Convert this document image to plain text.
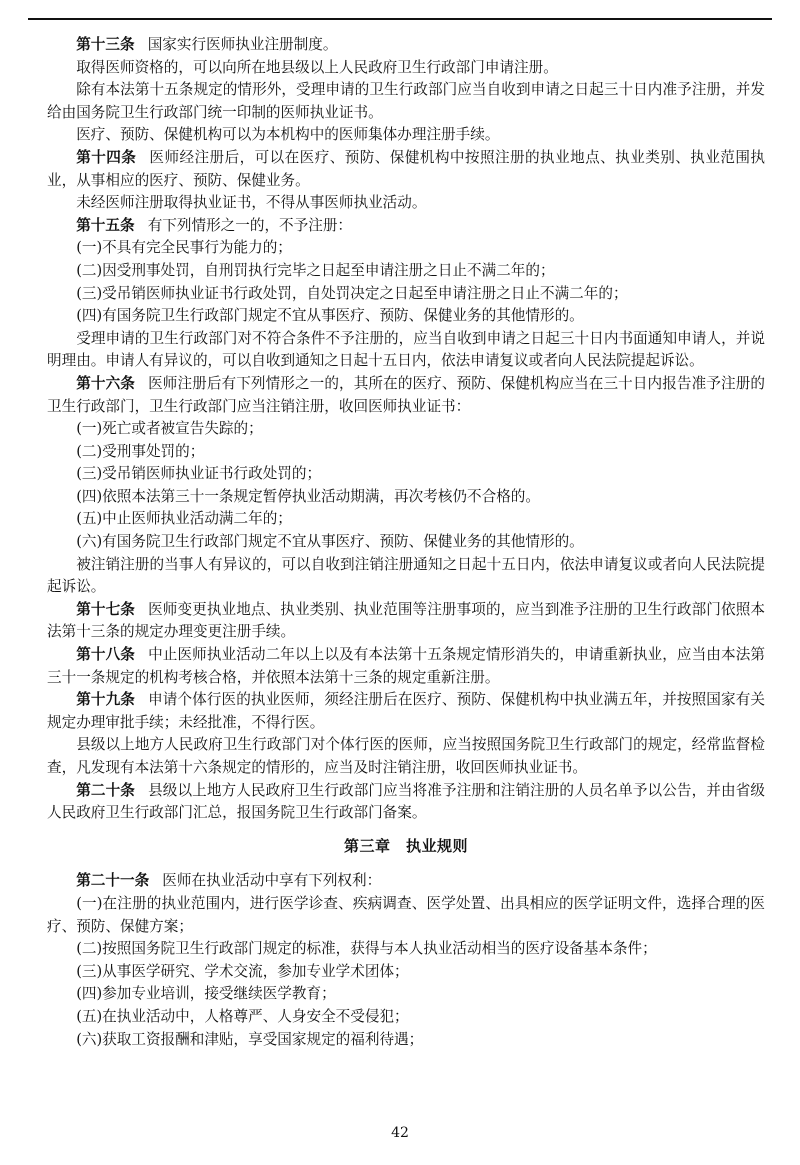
第十三条 国家实行医师执业注册制度。
取得医师资格的，可以向所在地县级以上人民政府卫生行政部门申请注册。
除有本法第十五条规定的情形外，受理申请的卫生行政部门应当自收到申请之日起三十日内准予注册，并发给由国务院卫生行政部门统一印制的医师执业证书。
医疗、预防、保健机构可以为本机构中的医师集体办理注册手续。
第十四条 医师经注册后，可以在医疗、预防、保健机构中按照注册的执业地点、执业类别、执业范围执业，从事相应的医疗、预防、保健业务。
未经医师注册取得执业证书，不得从事医师执业活动。
第十五条 有下列情形之一的，不予注册：
(一)不具有完全民事行为能力的；
(二)因受刑事处罚，自刑罚执行完毕之日起至申请注册之日止不满二年的；
(三)受吊销医师执业证书行政处罚，自处罚决定之日起至申请注册之日止不满二年的；
(四)有国务院卫生行政部门规定不宜从事医疗、预防、保健业务的其他情形的。
受理申请的卫生行政部门对不符合条件不予注册的，应当自收到申请之日起三十日内书面通知申请人，并说明理由。申请人有异议的，可以自收到通知之日起十五日内，依法申请复议或者向人民法院提起诉讼。
第十六条 医师注册后有下列情形之一的，其所在的医疗、预防、保健机构应当在三十日内报告准予注册的卫生行政部门，卫生行政部门应当注销注册，收回医师执业证书：
(一)死亡或者被宣告失踪的；
(二)受刑事处罚的；
(三)受吊销医师执业证书行政处罚的；
(四)依照本法第三十一条规定暂停执业活动期满，再次考核仍不合格的。
(五)中止医师执业活动满二年的；
(六)有国务院卫生行政部门规定不宜从事医疗、预防、保健业务的其他情形的。
被注销注册的当事人有异议的，可以自收到注销注册通知之日起十五日内，依法申请复议或者向人民法院提起诉讼。
第十七条 医师变更执业地点、执业类别、执业范围等注册事项的，应当到准予注册的卫生行政部门依照本法第十三条的规定办理变更注册手续。
第十八条 中止医师执业活动二年以上以及有本法第十五条规定情形消失的，申请重新执业，应当由本法第三十一条规定的机构考核合格，并依照本法第十三条的规定重新注册。
第十九条 申请个体行医的执业医师，须经注册后在医疗、预防、保健机构中执业满五年，并按照国家有关规定办理审批手续；未经批准，不得行医。
县级以上地方人民政府卫生行政部门对个体行医的医师，应当按照国务院卫生行政部门的规定，经常监督检查，凡发现有本法第十六条规定的情形的，应当及时注销注册，收回医师执业证书。
第二十条 县级以上地方人民政府卫生行政部门应当将准予注册和注销注册的人员名单予以公告，并由省级人民政府卫生行政部门汇总，报国务院卫生行政部门备案。
第三章　执业规则
第二十一条 医师在执业活动中享有下列权利：
(一)在注册的执业范围内，进行医学诊查、疾病调查、医学处置、出具相应的医学证明文件，选择合理的医疗、预防、保健方案；
(二)按照国务院卫生行政部门规定的标准，获得与本人执业活动相当的医疗设备基本条件；
(三)从事医学研究、学术交流，参加专业学术团体；
(四)参加专业培训，接受继续医学教育；
(五)在执业活动中，人格尊严、人身安全不受侵犯；
(六)获取工资报酬和津贴，享受国家规定的福利待遇；
42
